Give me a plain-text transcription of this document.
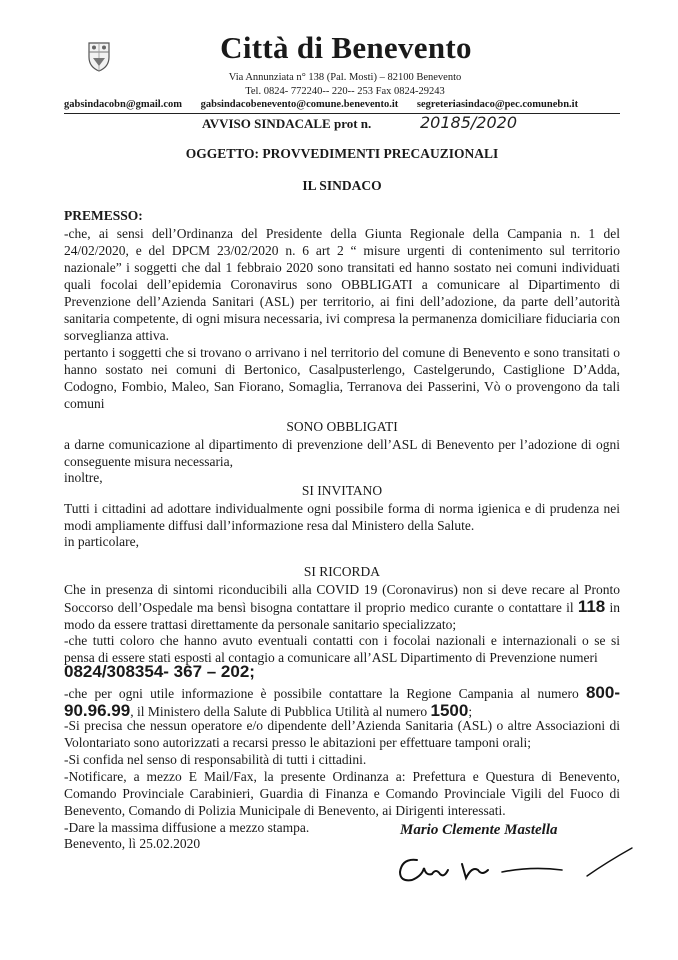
Città di Benevento
Via Annunziata n° 138 (Pal. Mosti) – 82100 Benevento
Tel. 0824- 772240-- 220-- 253 Fax 0824-29243
gabsindacobn@gmail.com gabsindacobenevento@comune.benevento.it segreteriasindaco@pec.comunebn.it
AVVISO SINDACALE prot n.	20185/2020
OGGETTO: PROVVEDIMENTI PRECAUZIONALI
IL SINDACO
PREMESSO:
-che, ai sensi dell’Ordinanza del Presidente della Giunta Regionale della Campania n. 1 del 24/02/2020, e del DPCM 23/02/2020 n. 6 art 2 “ misure urgenti di contenimento sul territorio nazionale” i soggetti che dal 1 febbraio 2020 sono transitati ed hanno sostato nei comuni individuati quali focolai dell’epidemia Coronavirus sono OBBLIGATI a comunicare al Dipartimento di Prevenzione dell’Azienda Sanitari (ASL) per territorio, ai fini dell’adozione, da parte dell’autorità sanitaria competente, di ogni misura necessaria, ivi compresa la permanenza domiciliare fiduciaria con sorveglianza attiva.
pertanto i soggetti che si trovano o arrivano i nel territorio del comune di Benevento e sono transitati o hanno sostato nei comuni di Bertonico, Casalpusterlengo, Castelgerundo, Castiglione D’Adda, Codogno, Fombio, Maleo, San Fiorano, Somaglia, Terranova dei Passerini, Vò o provengono da tali comuni
SONO OBBLIGATI
a darne comunicazione al dipartimento di prevenzione dell’ASL di Benevento per l’adozione di ogni conseguente misura necessaria,
inoltre,
SI INVITANO
Tutti i cittadini ad adottare individualmente ogni possibile forma di norma igienica e di prudenza nei modi ampliamente diffusi dall’informazione resa dal Ministero della Salute.
in particolare,
SI RICORDA
Che in presenza di sintomi riconducibili alla COVID 19 (Coronavirus) non si deve recare al Pronto Soccorso dell’Ospedale ma bensì bisogna contattare il proprio medico curante o contattare il 118 in modo da essere trattasi direttamente da personale sanitario specializzato;
-che tutti coloro che hanno avuto eventuali contatti con i focolai nazionali e internazionali o se si pensa di essere stati esposti al contagio a comunicare all’ASL Dipartimento di Prevenzione numeri
0824/308354- 367 – 202;
-che per ogni utile informazione è possibile contattare la Regione Campania al numero 800-90.96.99, il Ministero della Salute di Pubblica Utilità al numero 1500;
-Si precisa che nessun operatore e/o dipendente dell’Azienda Sanitaria (ASL) o altre Associazioni di Volontariato sono autorizzati a recarsi presso le abitazioni per effettuare tamponi orali;
-Si confida nel senso di responsabilità di tutti i cittadini.
-Notificare, a mezzo E Mail/Fax, la presente Ordinanza a: Prefettura e Questura di Benevento, Comando Provinciale Carabinieri, Guardia di Finanza e Comando Provinciale Vigili del Fuoco di Benevento, Comando di Polizia Municipale di Benevento, ai Dirigenti interessati.
-Dare la massima diffusione a mezzo stampa.
Benevento, lì 25.02.2020
Mario Clemente Mastella
